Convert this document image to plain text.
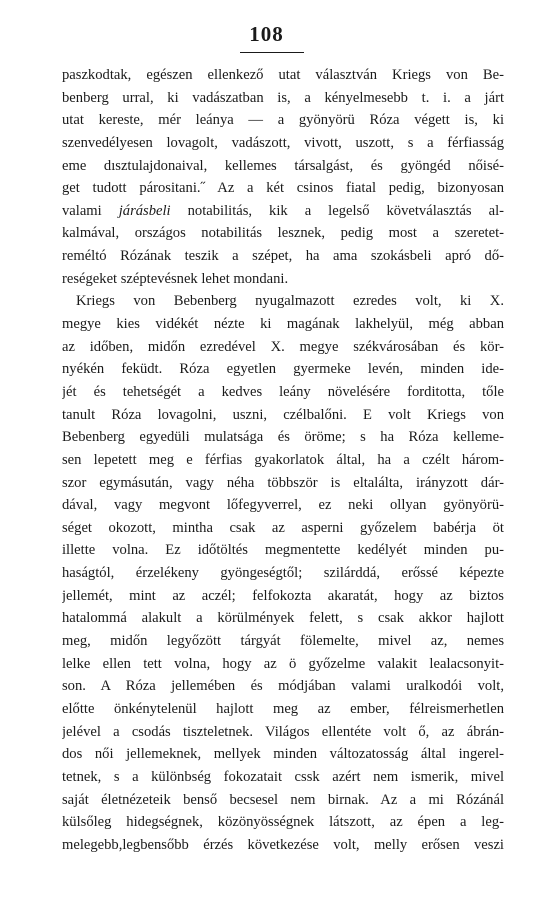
108
paszkodtak, egészen ellenkező utat választván Kriegs von Be-
benberg urral, ki vadászatban is, a kényelmesebb t. i. a járt
utat kereste, mér leánya — a gyönyörü Róza végett is, ki
szenvedélyesen lovagolt, vadászott, vivott, uszott, s a férfiasság
eme dısztulajdonaival, kellemes társalgást, és gyöngéd nőisé-
get tudott párositani.˝ Az a két csinos fiatal pedig, bizonyosan
valami járásbeli notabilitás, kik a legelső követválasztás al-
kalmával, országos notabilitás lesznek, pedig most a szeretet-
reméltó Rózának teszik a szépet, ha ama szokásbeli apró dő-
reségeket széptevésnek lehet mondani.
Kriegs von Bebenberg nyugalmazott ezredes volt, ki X.
megye kies vidékét nézte ki magának lakhelyül, még abban
az időben, midőn ezredével X. megye székvárosában és kör-
nyékén feküdt. Róza egyetlen gyermeke levén, minden ide-
jét és tehetségét a kedves leány növelésére forditotta, tőle
tanult Róza lovagolni, uszni, czélbalőni. E volt Kriegs von
Bebenberg egyedüli mulatsága és öröme; s ha Róza kelleme-
sen lepetett meg e férfias gyakorlatok által, ha a czélt három-
szor egymásután, vagy néha többször is eltalálta, irányzott dár-
dával, vagy megvont lőfegyverrel, ez neki ollyan gyönyörü-
séget okozott, mintha csak az asperni győzelem babérja öt
illette volna. Ez időtöltés megmentette kedélyét minden pu-
haságtól, érzelékeny gyöngeségtől; szilárddá, erőssé képezte
jellemét, mint az aczél; felfokozta akaratát, hogy az biztos
hatalommá alakult a körülmények felett, s csak akkor hajlott
meg, midőn legyőzött tárgyát fölemelte, mivel az, nemes
lelke ellen tett volna, hogy az ö győzelme valakit lealacsonyit-
son. A Róza jellemében és módjában valami uralkodói volt,
előtte önkénytelenül hajlott meg az ember, félreismerhetlen
jelével a csodás tiszteletnek. Világos ellentéte volt ő, az ábrán-
dos női jellemeknek, mellyek minden változatosság által ingerel-
tetnek, s a különbség fokozatait cssk azért nem ismerik, mivel
saját életnézeteik benső becsesel nem birnak. Az a mi Rózánál
külsőleg hidegségnek, közönyösségnek látszott, az épen a leg-
melegebb,legbensőbb érzés következése volt, melly erősen veszi
